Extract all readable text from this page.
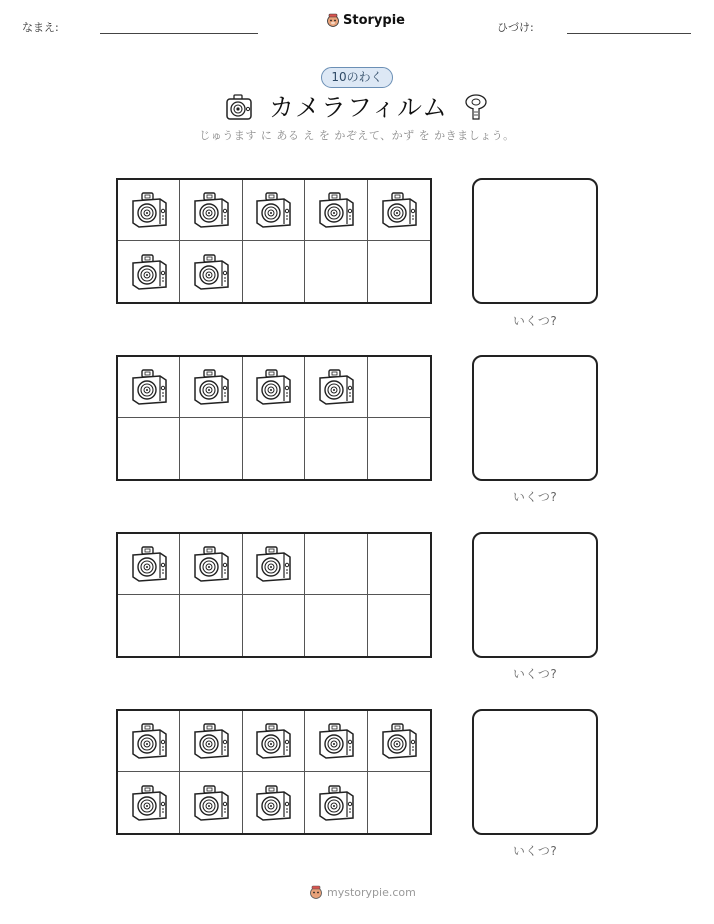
なまえ:	Storypie	ひづけ:
10のわく
カメラフィルム
じゅうます に ある え を かぞえて、かず を かきましょう。
いくつ?
いくつ?
いくつ?
いくつ?
mystorypie.com
